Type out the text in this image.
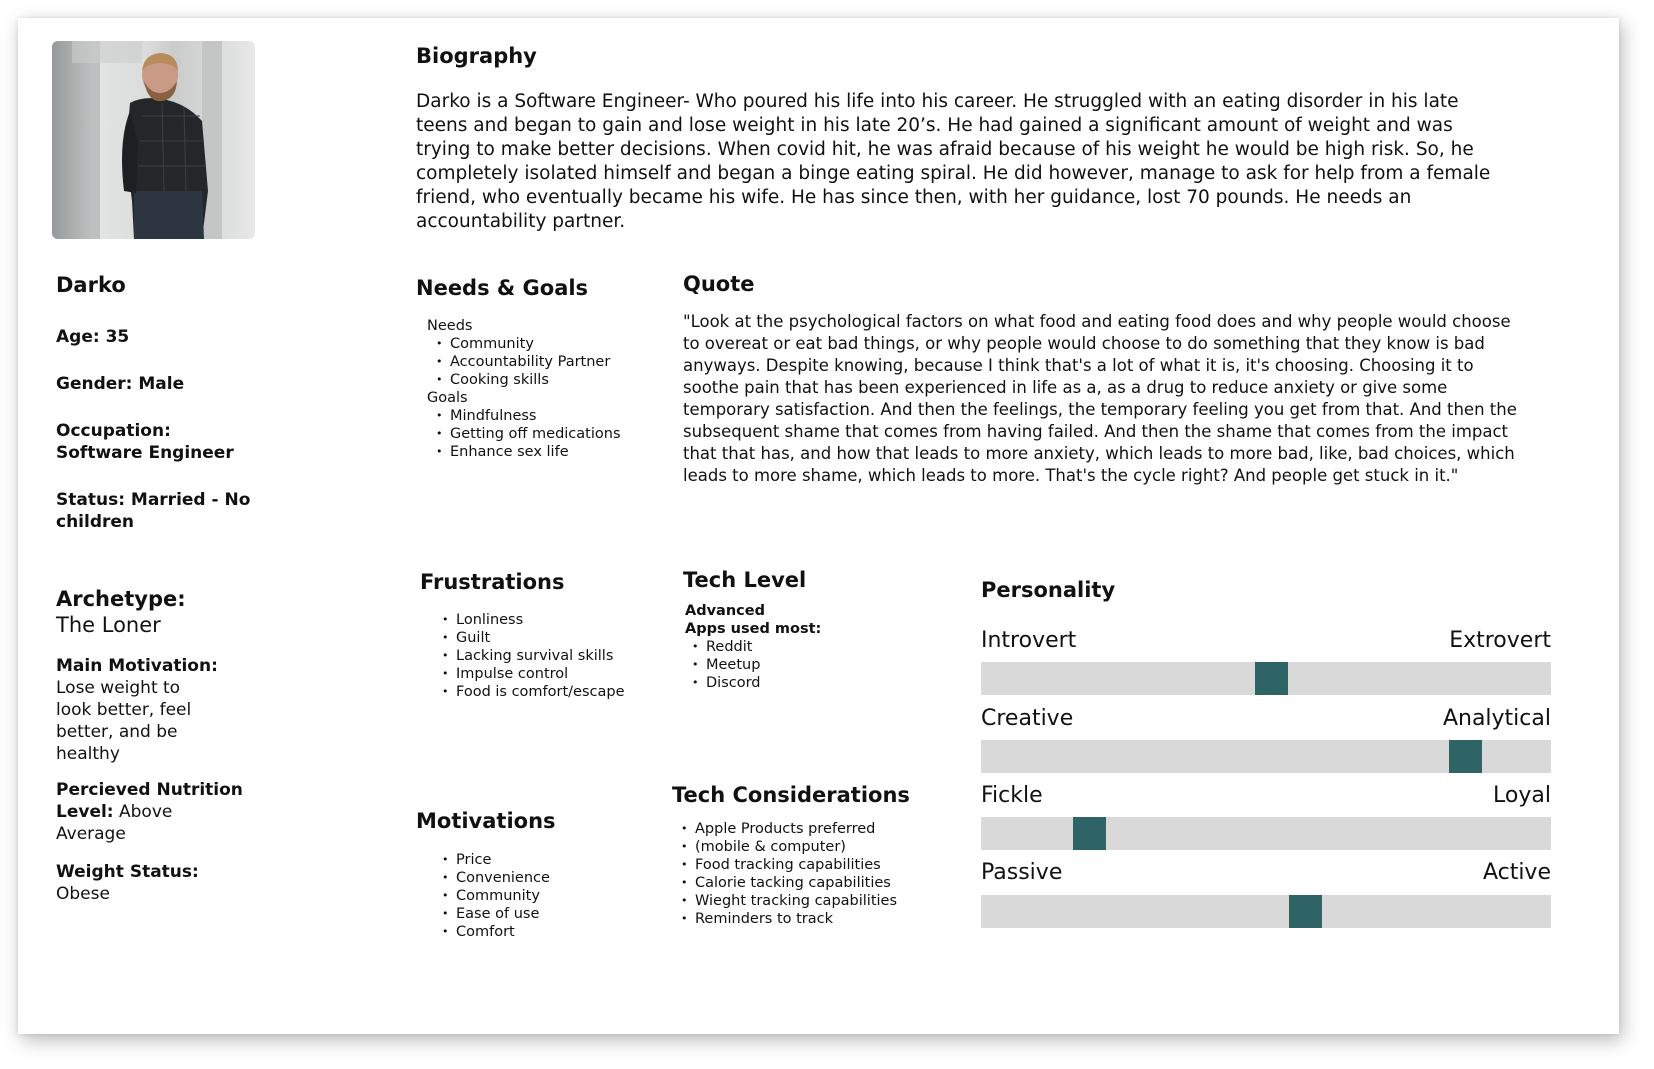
Darko
Age: 35
Gender: Male
Occupation:
Software Engineer
Status: Married - No children
Archetype:
The Loner
Main Motivation:
Lose weight to look better, feel better, and be healthy
Percieved Nutrition Level: Above Average
Weight Status:
Obese
Biography
Darko is a Software Engineer- Who poured his life into his career. He struggled with an eating disorder in his late teens and began to gain and lose weight in his late 20’s. He had gained a significant amount of weight and was trying to make better decisions. When covid hit, he was afraid because of his weight he would be high risk. So, he completely isolated himself and began a binge eating spiral. He did however, manage to ask for help from a female friend, who eventually became his wife. He has since then, with her guidance, lost 70 pounds. He needs an accountability partner.
Needs & Goals
Needs
• Community
• Accountability Partner
• Cooking skills
Goals
• Mindfulness
• Getting off medications
• Enhance sex life
Quote
"Look at the psychological factors on what food and eating food does and why people would choose to overeat or eat bad things, or why people would choose to do something that they know is bad anyways. Despite knowing, because I think that's a lot of what it is, it's choosing. Choosing it to soothe pain that has been experienced in life as a, as a drug to reduce anxiety or give some temporary satisfaction. And then the feelings, the temporary feeling you get from that. And then the subsequent shame that comes from having failed. And then the shame that comes from the impact that that has, and how that leads to more anxiety, which leads to more bad, like, bad choices, which leads to more shame, which leads to more. That's the cycle right? And people get stuck in it."
Frustrations
• Lonliness
• Guilt
• Lacking survival skills
• Impulse control
• Food is comfort/escape
Tech Level
Advanced
Apps used most:
• Reddit
• Meetup
• Discord
Motivations
• Price
• Convenience
• Community
• Ease of use
• Comfort
Tech Considerations
• Apple Products preferred
• (mobile & computer)
• Food tracking capabilities
• Calorie tacking capabilities
• Wieght tracking capabilities
• Reminders to track
Personality
Introvert	Extrovert
Creative	Analytical
Fickle	Loyal
Passive	Active
